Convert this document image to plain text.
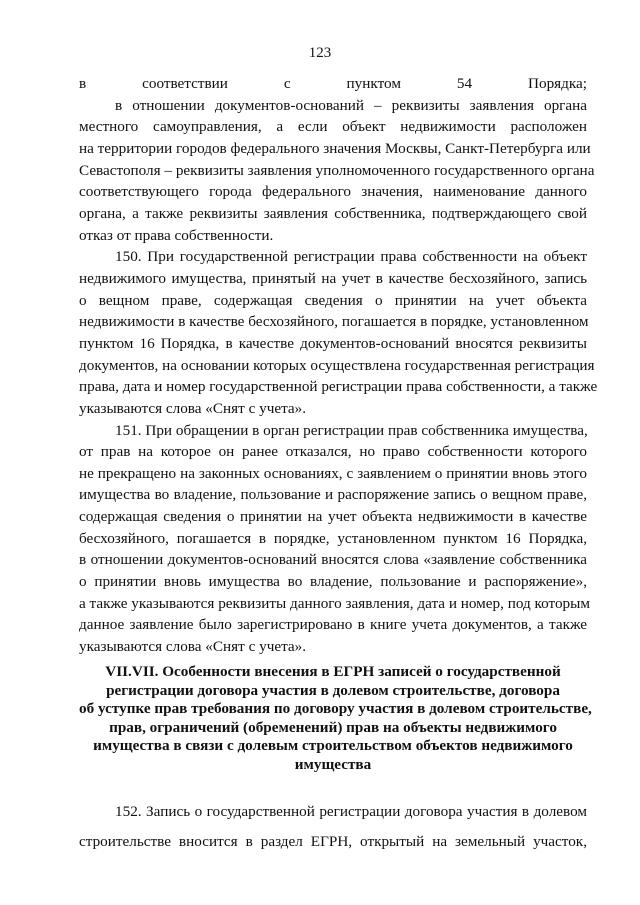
123
в соответствии с пунктом 54 Порядка;
в отношении документов-оснований – реквизиты заявления органа
местного самоуправления, а если объект недвижимости расположен
на территории городов федерального значения Москвы, Санкт-Петербурга или
Севастополя – реквизиты заявления уполномоченного государственного органа
соответствующего города федерального значения, наименование данного
органа, а также реквизиты заявления собственника, подтверждающего свой
отказ от права собственности.
150. При государственной регистрации права собственности на объект
недвижимого имущества, принятый на учет в качестве бесхозяйного, запись
о вещном праве, содержащая сведения о принятии на учет объекта
недвижимости в качестве бесхозяйного, погашается в порядке, установленном
пунктом 16 Порядка, в качестве документов-оснований вносятся реквизиты
документов, на основании которых осуществлена государственная регистрация
права, дата и номер государственной регистрации права собственности, а также
указываются слова «Снят с учета».
151. При обращении в орган регистрации прав собственника имущества,
от прав на которое он ранее отказался, но право собственности которого
не прекращено на законных основаниях, с заявлением о принятии вновь этого
имущества во владение, пользование и распоряжение запись о вещном праве,
содержащая сведения о принятии на учет объекта недвижимости в качестве
бесхозяйного, погашается в порядке, установленном пунктом 16 Порядка,
в отношении документов-оснований вносятся слова «заявление собственника
о принятии вновь имущества во владение, пользование и распоряжение»,
а также указываются реквизиты данного заявления, дата и номер, под которым
данное заявление было зарегистрировано в книге учета документов, а также
указываются слова «Снят с учета».
VII.VII. Особенности внесения в ЕГРН записей о государственной
регистрации договора участия в долевом строительстве, договора
об уступке прав требования по договору участия в долевом строительстве,
прав, ограничений (обременений) прав на объекты недвижимого
имущества в связи с долевым строительством объектов недвижимого
имущества
152. Запись о государственной регистрации договора участия в долевом
строительстве вносится в раздел ЕГРН, открытый на земельный участок,
